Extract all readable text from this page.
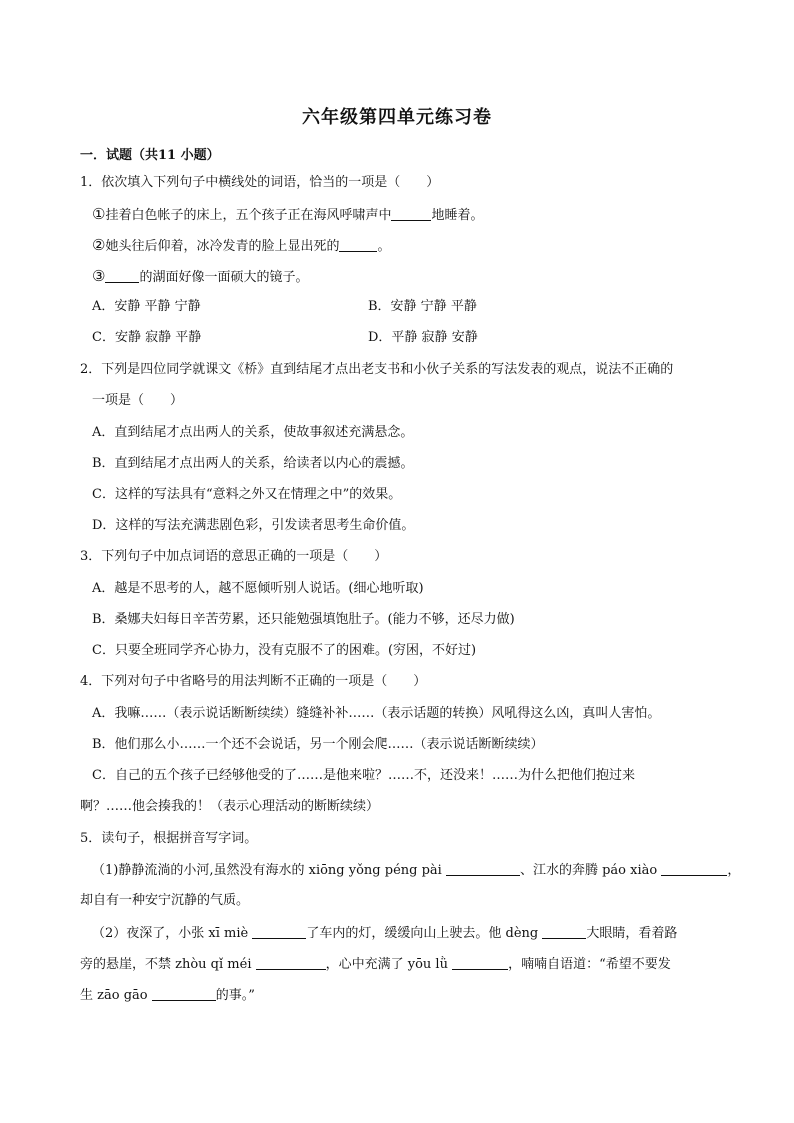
六年级第四单元练习卷
一．试题（共11 小题）
1．依次填入下列句子中横线处的词语，恰当的一项是（　　）
①挂着白色帐子的床上，五个孩子正在海风呼啸声中	地睡着。
②她头往后仰着，冰冷发青的脸上显出死的	。
③	的湖面好像一面硕大的镜子。
A．安静 平静 宁静	B．安静 宁静 平静
C．安静 寂静 平静	D．平静 寂静 安静
2．下列是四位同学就课文《桥》直到结尾才点出老支书和小伙子关系的写法发表的观点，说法不正确的
一项是（　　）
A．直到结尾才点出两人的关系，使故事叙述充满悬念。
B．直到结尾才点出两人的关系，给读者以内心的震撼。
C．这样的写法具有“意料之外又在情理之中”的效果。
D．这样的写法充满悲剧色彩，引发读者思考生命价值。
3．下列句子中加点词语的意思正确的一项是（　　）
A．越是不思考的人，越不愿倾听别人说话。(细心地听取)
B．桑娜夫妇每日辛苦劳累，还只能勉强填饱肚子。(能力不够，还尽力做)
C．只要全班同学齐心协力，没有克服不了的困难。(穷困，不好过)
4．下列对句子中省略号的用法判断不正确的一项是（　　）
A．我嘛……（表示说话断断续续）缝缝补补……（表示话题的转换）风吼得这么凶，真叫人害怕。
B．他们那么小……一个还不会说话，另一个刚会爬……（表示说话断断续续）
C．自己的五个孩子已经够他受的了……是他来啦？……不，还没来！……为什么把他们抱过来
啊？……他会揍我的！（表示心理活动的断断续续）
5．读句子，根据拼音写字词。
（1)静静流淌的小河,虽然没有海水的 xiōng yǒng péng pài	、江水的奔腾 páo xiào	，
却自有一种安宁沉静的气质。
（2）夜深了，小张 xī miè	了车内的灯，缓缓向山上驶去。他 dèng	大眼睛，看着路
旁的悬崖，不禁 zhòu qǐ méi	，心中充满了 yōu lǜ	，喃喃自语道：“希望不要发
生 zāo gāo	的事。”
